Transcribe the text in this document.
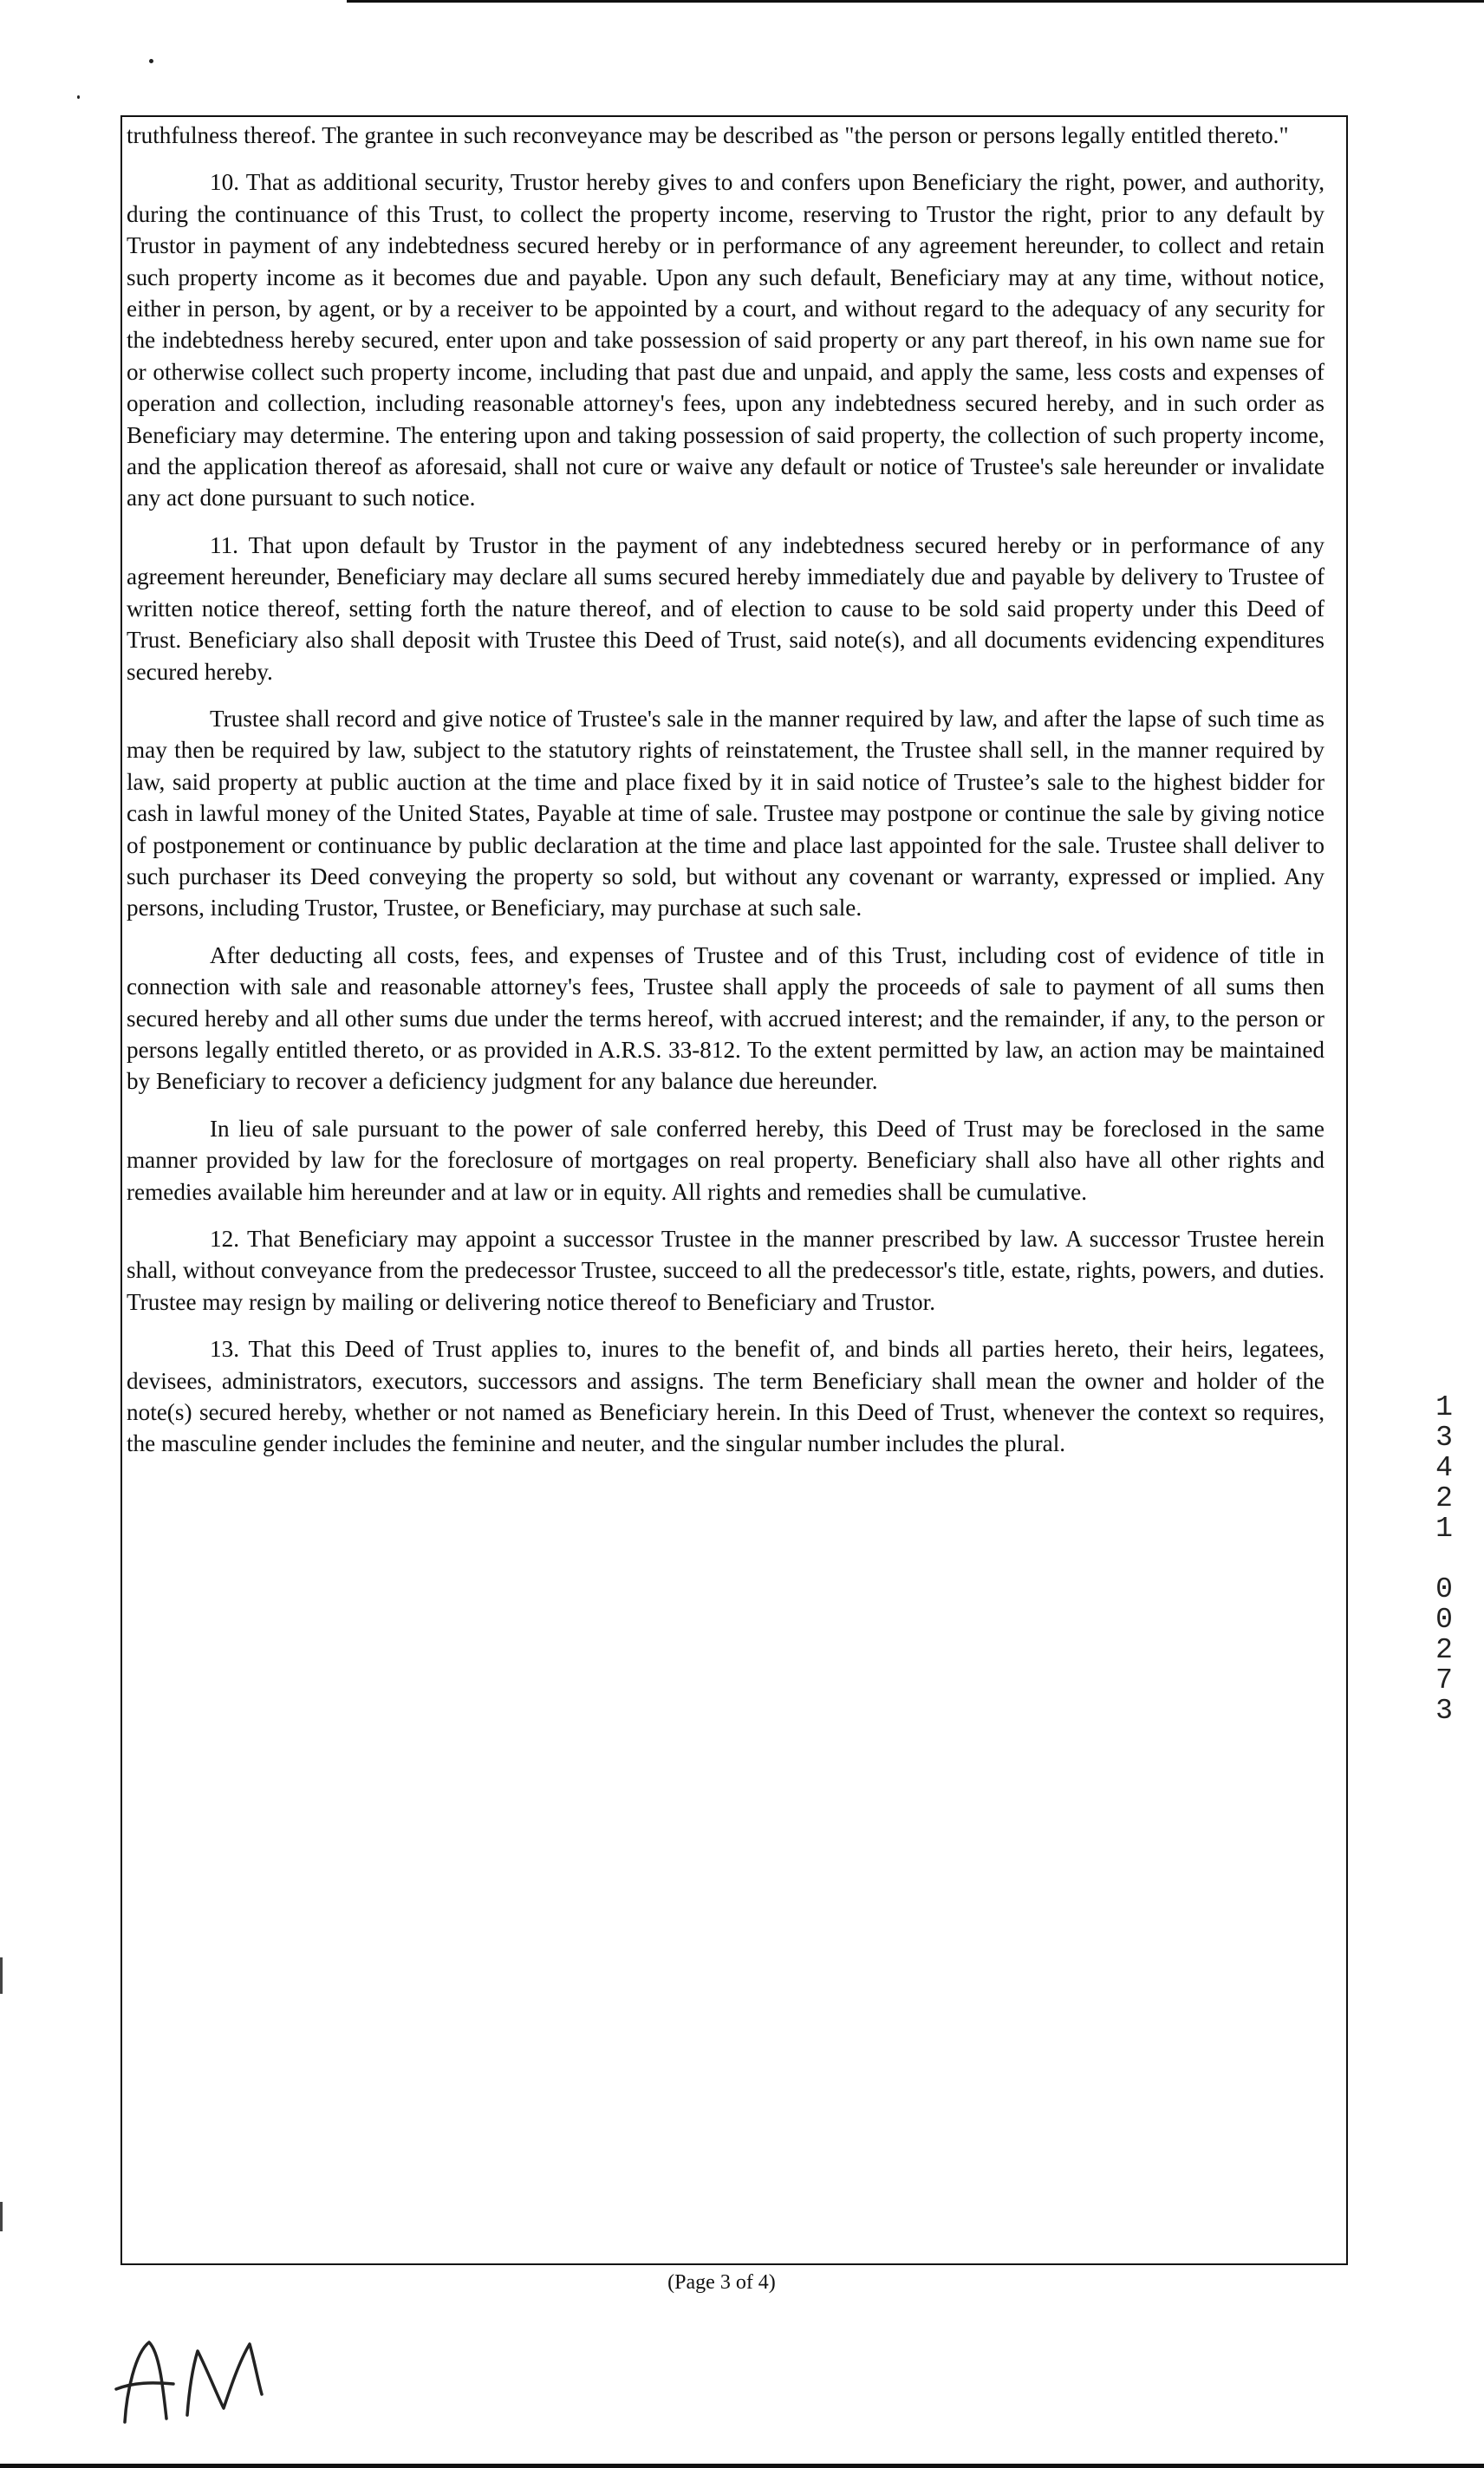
truthfulness thereof. The grantee in such reconveyance may be described as "the person or persons legally entitled thereto."

10. That as additional security, Trustor hereby gives to and confers upon Beneficiary the right, power, and authority, during the continuance of this Trust, to collect the property income, reserving to Trustor the right, prior to any default by Trustor in payment of any indebtedness secured hereby or in performance of any agreement hereunder, to collect and retain such property income as it becomes due and payable. Upon any such default, Beneficiary may at any time, without notice, either in person, by agent, or by a receiver to be appointed by a court, and without regard to the adequacy of any security for the indebtedness hereby secured, enter upon and take possession of said property or any part thereof, in his own name sue for or otherwise collect such property income, including that past due and unpaid, and apply the same, less costs and expenses of operation and collection, including reasonable attorney's fees, upon any indebtedness secured hereby, and in such order as Beneficiary may determine. The entering upon and taking possession of said property, the collection of such property income, and the application thereof as aforesaid, shall not cure or waive any default or notice of Trustee's sale hereunder or invalidate any act done pursuant to such notice.

11. That upon default by Trustor in the payment of any indebtedness secured hereby or in performance of any agreement hereunder, Beneficiary may declare all sums secured hereby immediately due and payable by delivery to Trustee of written notice thereof, setting forth the nature thereof, and of election to cause to be sold said property under this Deed of Trust. Beneficiary also shall deposit with Trustee this Deed of Trust, said note(s), and all documents evidencing expenditures secured hereby.

Trustee shall record and give notice of Trustee's sale in the manner required by law, and after the lapse of such time as may then be required by law, subject to the statutory rights of reinstatement, the Trustee shall sell, in the manner required by law, said property at public auction at the time and place fixed by it in said notice of Trustee’s sale to the highest bidder for cash in lawful money of the United States, Payable at time of sale. Trustee may postpone or continue the sale by giving notice of postponement or continuance by public declaration at the time and place last appointed for the sale. Trustee shall deliver to such purchaser its Deed conveying the property so sold, but without any covenant or warranty, expressed or implied. Any persons, including Trustor, Trustee, or Beneficiary, may purchase at such sale.

After deducting all costs, fees, and expenses of Trustee and of this Trust, including cost of evidence of title in connection with sale and reasonable attorney's fees, Trustee shall apply the proceeds of sale to payment of all sums then secured hereby and all other sums due under the terms hereof, with accrued interest; and the remainder, if any, to the person or persons legally entitled thereto, or as provided in A.R.S. 33-812. To the extent permitted by law, an action may be maintained by Beneficiary to recover a deficiency judgment for any balance due hereunder.

In lieu of sale pursuant to the power of sale conferred hereby, this Deed of Trust may be foreclosed in the same manner provided by law for the foreclosure of mortgages on real property. Beneficiary shall also have all other rights and remedies available him hereunder and at law or in equity. All rights and remedies shall be cumulative.

12. That Beneficiary may appoint a successor Trustee in the manner prescribed by law. A successor Trustee herein shall, without conveyance from the predecessor Trustee, succeed to all the predecessor's title, estate, rights, powers, and duties. Trustee may resign by mailing or delivering notice thereof to Beneficiary and Trustor.

13. That this Deed of Trust applies to, inures to the benefit of, and binds all parties hereto, their heirs, legatees, devisees, administrators, executors, successors and assigns. The term Beneficiary shall mean the owner and holder of the note(s) secured hereby, whether or not named as Beneficiary herein. In this Deed of Trust, whenever the context so requires, the masculine gender includes the feminine and neuter, and the singular number includes the plural.

1
3
4
2
1

0
0
2
7
3
(Page 3 of 4)
